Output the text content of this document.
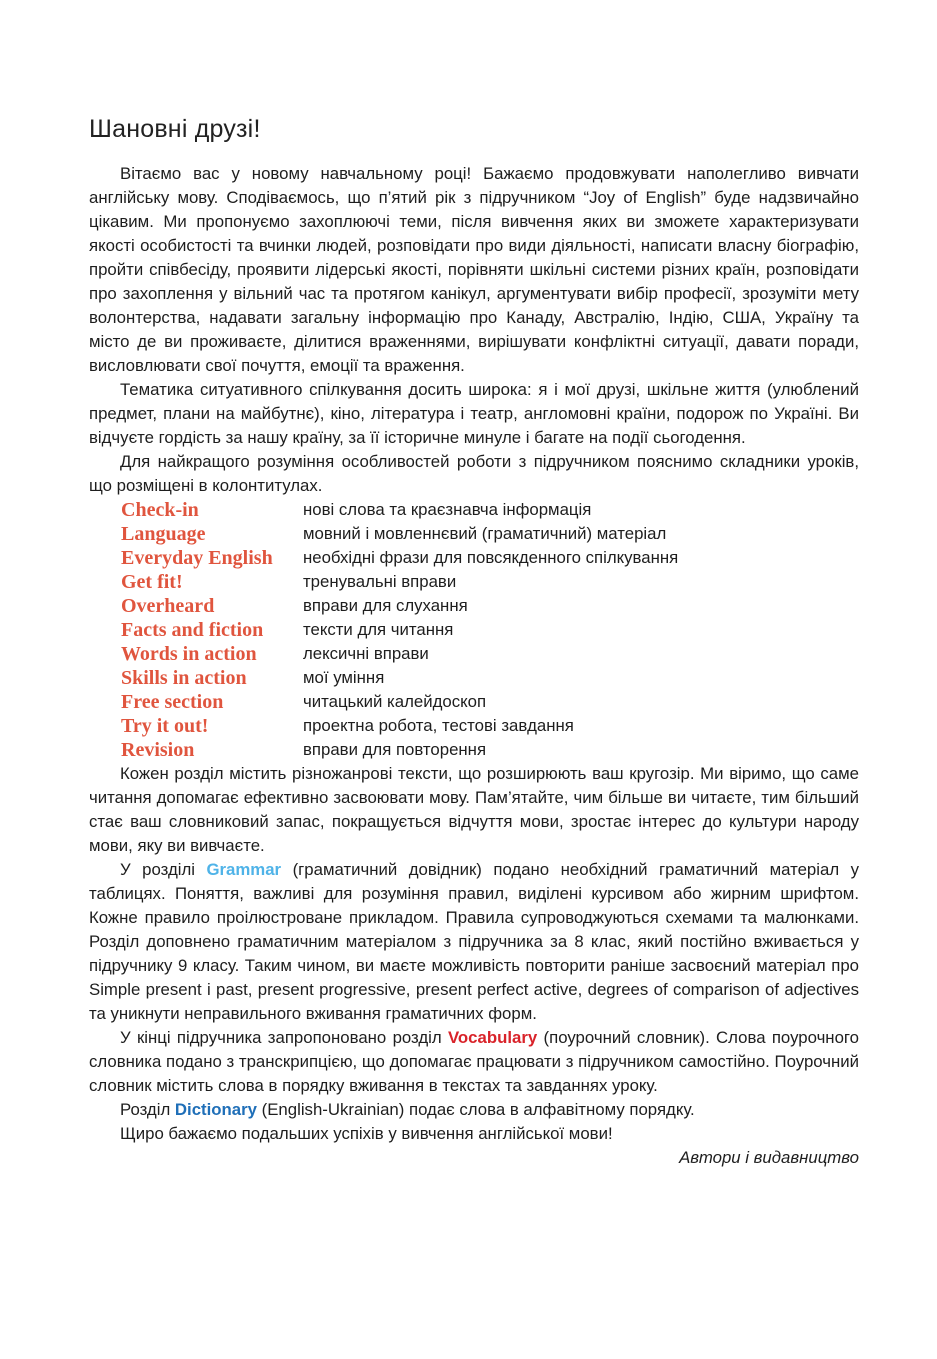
Шановні друзі!

Вітаємо вас у новому навчальному році! Бажаємо продовжувати наполегливо вивчати англійську мову. Сподіваємось, що п’ятий рік з підручником “Joy of English” буде надзвичайно цікавим. Ми пропонуємо захоплюючі теми, після вивчення яких ви зможете характеризувати якості особистості та вчинки людей, розповідати про види діяльності, написати власну біографію, пройти співбесіду, проявити лідерські якості, порівняти шкільні системи різних країн, розповідати про захоплення у вільний час та протягом канікул, аргументувати вибір професії, зрозуміти мету волонтерства, надавати загальну інформацію про Канаду, Австралію, Індію, США, Україну та місто де ви проживаєте, ділитися враженнями, вирішувати конфліктні ситуації, давати поради, висловлювати свої почуття, емоції та враження.

Тематика ситуативного спілкування досить широка: я і мої друзі, шкільне життя (улюблений предмет, плани на майбутнє), кіно, література і театр, англомовні країни, подорож по Україні. Ви відчуєте гордість за нашу країну, за її історичне минуле і багате на події сьогодення.

Для найкращого розуміння особливостей роботи з підручником пояснимо складники уроків, що розміщені в колонтитулах.

Check-in	нові слова та краєзнавча інформація
Language	мовний і мовленнєвий (граматичний) матеріал
Everyday English	необхідні фрази для повсякденного спілкування
Get fit!	тренувальні вправи
Overheard	вправи для слухання
Facts and fiction	тексти для читання
Words in action	лексичні вправи
Skills in action	мої уміння
Free section	читацький калейдоскоп
Try it out!	проектна робота, тестові завдання
Revision	вправи для повторення

Кожен розділ містить різножанрові тексти, що розширюють ваш кругозір. Ми віримо, що саме читання допомагає ефективно засвоювати мову. Пам’ятайте, чим більше ви читаєте, тим більший стає ваш словниковий запас, покращується відчуття мови, зростає інтерес до культури народу мови, яку ви вивчаєте.

У розділі Grammar (граматичний довідник) подано необхідний граматичний матеріал у таблицях. Поняття, важливі для розуміння правил, виділені курсивом або жирним шрифтом. Кожне правило проілюстроване прикладом. Правила супроводжуються схемами та малюнками. Розділ доповнено граматичним матеріалом з підручника за 8 клас, який постійно вживається у підручнику 9 класу. Таким чином, ви маєте можливість повторити раніше засвоєний матеріал про Simple present і past, present progressive, present perfect active, degrees of comparison of adjectives та уникнути неправильного вживання граматичних форм.

У кінці підручника запропоновано розділ Vocabulary (поурочний словник). Слова поурочного словника подано з транскрипцією, що допомагає працювати з підручником самостійно. Поурочний словник містить слова в порядку вживання в текстах та завданнях уроку.

Розділ Dictionary (English-Ukrainian) подає слова в алфавітному порядку.

Щиро бажаємо подальших успіхів у вивчення англійської мови!

Автори і видавництво
